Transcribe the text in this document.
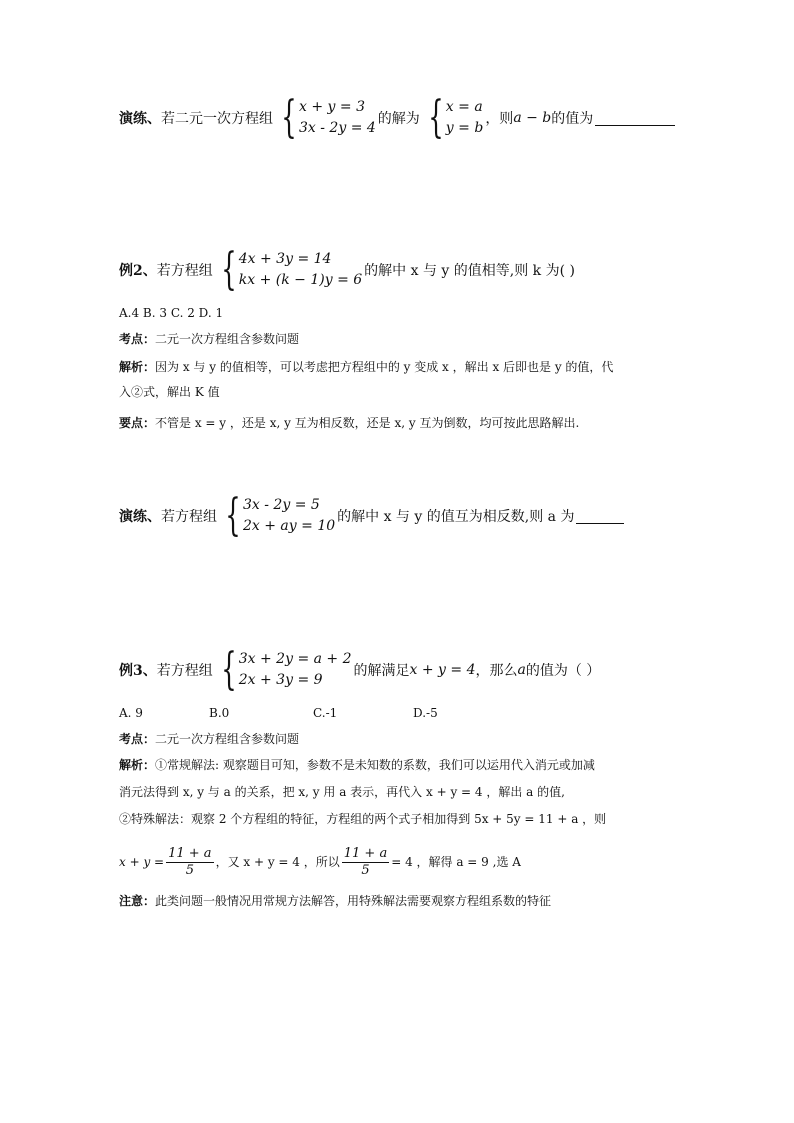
演练、 若二元一次方程组 { x + y = 3
3x - 2y = 4
的解为 { x = a
y = b
，则 a − b 的值为
例2、 若方程组 { 4x + 3y = 14
kx + (k − 1)y = 6
的解中 x 与 y 的值相等,则 k 为( )
A.4 B. 3 C. 2 D. 1
考点：二元一次方程组含参数问题
解析：因为 x 与 y 的值相等，可以考虑把方程组中的 y 变成 x ，解出 x 后即也是 y 的值，代
入②式，解出 K 值
要点：不管是 x = y ，还是 x, y 互为相反数，还是 x, y 互为倒数，均可按此思路解出.
演练、 若方程组 { 3x - 2y = 5
2x + ay = 10
的解中 x 与 y 的值互为相反数,则 a 为
例3、 若方程组 { 3x + 2y = a + 2
2x + 3y = 9
的解满足 x + y = 4 ，那么 a 的值为（ ）
A. 9	B.0	C.-1	D.-5
考点：二元一次方程组含参数问题
解析：①常规解法: 观察题目可知，参数不是未知数的系数，我们可以运用代入消元或加减
消元法得到 x, y 与 a 的关系，把 x, y 用 a 表示，再代入 x + y = 4 ，解出 a 的值,
②特殊解法：观察 2 个方程组的特征，方程组的两个式子相加得到 5x + 5y = 11 + a ，则
$x + y = \frac{11 + a}{5}$ ，又 x + y = 4 ，所以 $\frac{11 + a}{5} = 4$ ，解得 a = 9 ,选 A
注意：此类问题一般情况用常规方法解答，用特殊解法需要观察方程组系数的特征
